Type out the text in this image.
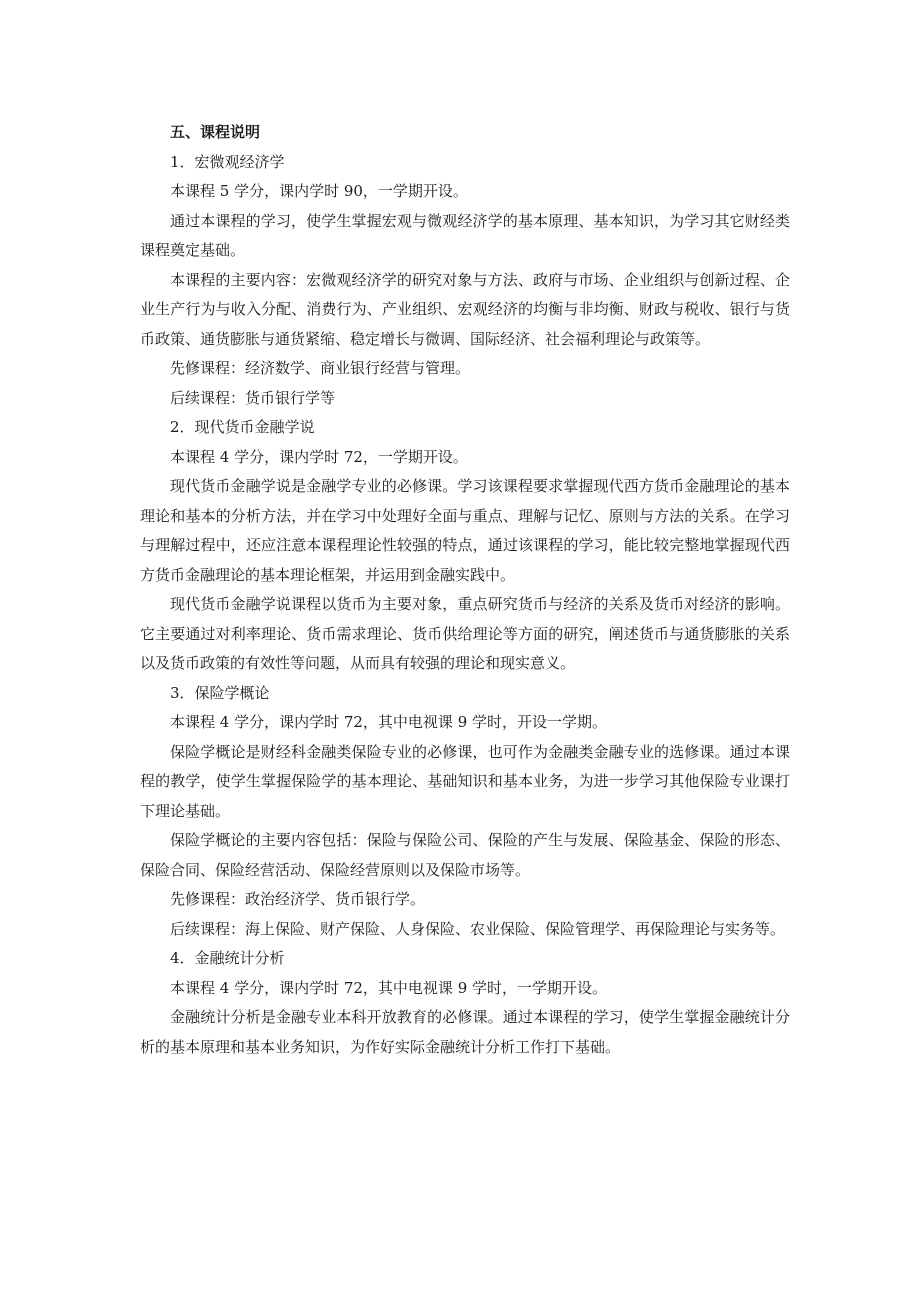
五、课程说明

1．宏微观经济学

本课程 5 学分，课内学时 90，一学期开设。

通过本课程的学习，使学生掌握宏观与微观经济学的基本原理、基本知识，为学习其它财经类课程奠定基础。

本课程的主要内容：宏微观经济学的研究对象与方法、政府与市场、企业组织与创新过程、企业生产行为与收入分配、消费行为、产业组织、宏观经济的均衡与非均衡、财政与税收、银行与货币政策、通货膨胀与通货紧缩、稳定增长与微调、国际经济、社会福利理论与政策等。

先修课程：经济数学、商业银行经营与管理。

后续课程：货币银行学等

2．现代货币金融学说

本课程 4 学分，课内学时 72，一学期开设。

现代货币金融学说是金融学专业的必修课。学习该课程要求掌握现代西方货币金融理论的基本理论和基本的分析方法，并在学习中处理好全面与重点、理解与记忆、原则与方法的关系。在学习与理解过程中，还应注意本课程理论性较强的特点，通过该课程的学习，能比较完整地掌握现代西方货币金融理论的基本理论框架，并运用到金融实践中。

现代货币金融学说课程以货币为主要对象，重点研究货币与经济的关系及货币对经济的影响。它主要通过对利率理论、货币需求理论、货币供给理论等方面的研究，阐述货币与通货膨胀的关系以及货币政策的有效性等问题，从而具有较强的理论和现实意义。

3．保险学概论

本课程 4 学分，课内学时 72，其中电视课 9 学时，开设一学期。

保险学概论是财经科金融类保险专业的必修课，也可作为金融类金融专业的选修课。通过本课程的教学，使学生掌握保险学的基本理论、基础知识和基本业务，为进一步学习其他保险专业课打下理论基础。

保险学概论的主要内容包括：保险与保险公司、保险的产生与发展、保险基金、保险的形态、保险合同、保险经营活动、保险经营原则以及保险市场等。

先修课程：政治经济学、货币银行学。

后续课程：海上保险、财产保险、人身保险、农业保险、保险管理学、再保险理论与实务等。

4．金融统计分析

本课程 4 学分，课内学时 72，其中电视课 9 学时，一学期开设。

金融统计分析是金融专业本科开放教育的必修课。通过本课程的学习，使学生掌握金融统计分析的基本原理和基本业务知识，为作好实际金融统计分析工作打下基础。
